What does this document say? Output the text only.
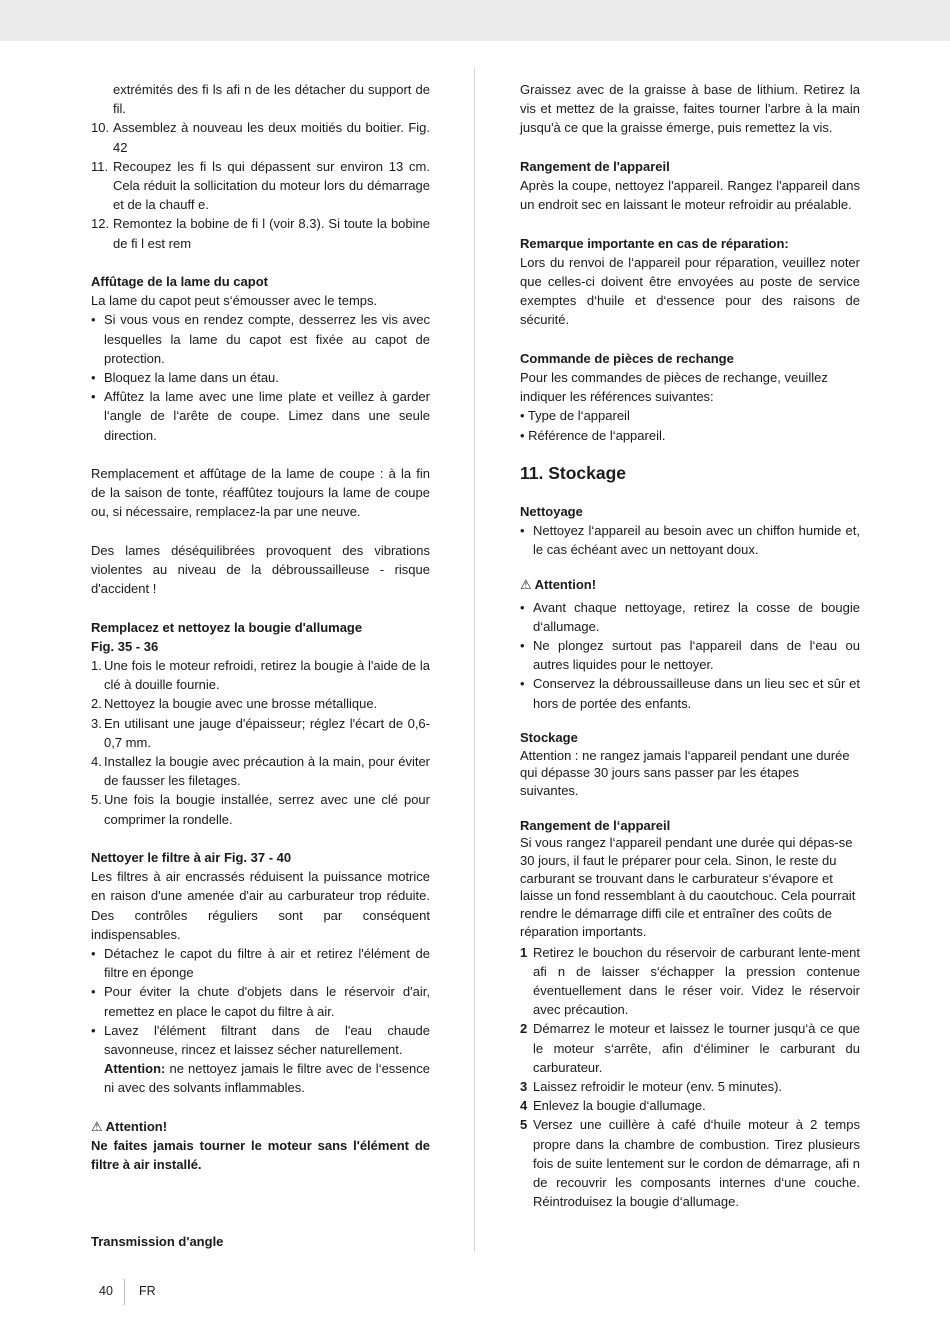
extrémités des fi ls afi n de les détacher du support de fil.

10. Assemblez à nouveau les deux moitiés du boitier. Fig. 42
11. Recoupez les fi ls qui dépassent sur environ 13 cm. Cela réduit la sollicitation du moteur lors du démarrage et de la chauff e.
12. Remontez la bobine de fi l (voir 8.3). Si toute la bobine de fi l est rem

Affûtage de la lame du capot

La lame du capot peut s‘émousser avec le temps.

• Si vous vous en rendez compte, desserrez les vis avec lesquelles la lame du capot est fixée au capot de protection.
• Bloquez la lame dans un étau.
• Affûtez la lame avec une lime plate et veillez à garder l‘angle de l‘arête de coupe. Limez dans une seule direction.

Remplacement et affûtage de la lame de coupe : à la fin de la saison de tonte, réaffûtez toujours la lame de coupe ou, si nécessaire, remplacez-la par une neuve.

Des lames déséquilibrées provoquent des vibrations violentes au niveau de la débroussailleuse - risque d'accident !

Remplacez et nettoyez la bougie d'allumage

Fig. 35 - 36

1. Une fois le moteur refroidi, retirez la bougie à l'aide de la clé à douille fournie.
2. Nettoyez la bougie avec une brosse métallique.
3. En utilisant une jauge d'épaisseur; réglez l'écart de 0,6-0,7 mm.
4. Installez la bougie avec précaution à la main, pour éviter de fausser les filetages.
5. Une fois la bougie installée, serrez avec une clé pour comprimer la rondelle.

Nettoyer le filtre à air Fig. 37 - 40

Les filtres à air encrassés réduisent la puissance motrice en raison d'une amenée d'air au carburateur trop réduite. Des contrôles réguliers sont par conséquent indispensables.

• Détachez le capot du filtre à air et retirez l'élément de filtre en éponge
• Pour éviter la chute d'objets dans le réservoir d'air, remettez en place le capot du filtre à air.
• Lavez l'élément filtrant dans de l'eau chaude savonneuse, rincez et laissez sécher naturellement.

Attention: ne nettoyez jamais le filtre avec de l‘essence ni avec des solvants inflammables.

⚠ Attention!

Ne faites jamais tourner le moteur sans l'élément de filtre à air installé.

Transmission d'angle

Graissez avec de la graisse à base de lithium. Retirez la vis et mettez de la graisse, faites tourner l'arbre à la main jusqu'à ce que la graisse émerge, puis remettez la vis.

Rangement de l'appareil

Après la coupe, nettoyez l'appareil. Rangez l'appareil dans un endroit sec en laissant le moteur refroidir au préalable.

Remarque importante en cas de réparation:

Lors du renvoi de l‘appareil pour réparation, veuillez noter que celles-ci doivent être envoyées au poste de service exemptes d‘huile et d‘essence pour des raisons de sécurité.

Commande de pièces de rechange

Pour les commandes de pièces de rechange, veuillez indiquer les références suivantes:

• Type de l‘appareil

• Référence de l‘appareil.

11. Stockage

Nettoyage

• Nettoyez l‘appareil au besoin avec un chiffon humide et, le cas échéant avec un nettoyant doux.

⚠ Attention!

• Avant chaque nettoyage, retirez la cosse de bougie d‘allumage.
• Ne plongez surtout pas l‘appareil dans de l‘eau ou autres liquides pour le nettoyer.
• Conservez la débroussailleuse dans un lieu sec et sûr et hors de portée des enfants.

Stockage

Attention : ne rangez jamais l‘appareil pendant une durée qui dépasse 30 jours sans passer par les étapes suivantes.

Rangement de l‘appareil

Si vous rangez l‘appareil pendant une durée qui dépas-se 30 jours, il faut le préparer pour cela. Sinon, le reste du carburant se trouvant dans le carburateur s‘évapore et laisse un fond ressemblant à du caoutchouc. Cela pourrait rendre le démarrage diffi cile et entraîner des coûts de réparation importants.

1 Retirez le bouchon du réservoir de carburant lente-ment afi n de laisser s‘échapper la pression contenue éventuellement dans le réser voir. Videz le réservoir avec précaution.
2 Démarrez le moteur et laissez le tourner jusqu‘à ce que le moteur s‘arrête, afin d‘éliminer le carburant du carburateur.
3 Laissez refroidir le moteur (env. 5 minutes).
4 Enlevez la bougie d‘allumage.
5 Versez une cuillère à café d‘huile moteur à 2 temps propre dans la chambre de combustion. Tirez plusieurs fois de suite lentement sur le cordon de démarrage, afi n de recouvrir les composants internes d‘une couche. Réintroduisez la bougie d‘allumage.
40 FR
